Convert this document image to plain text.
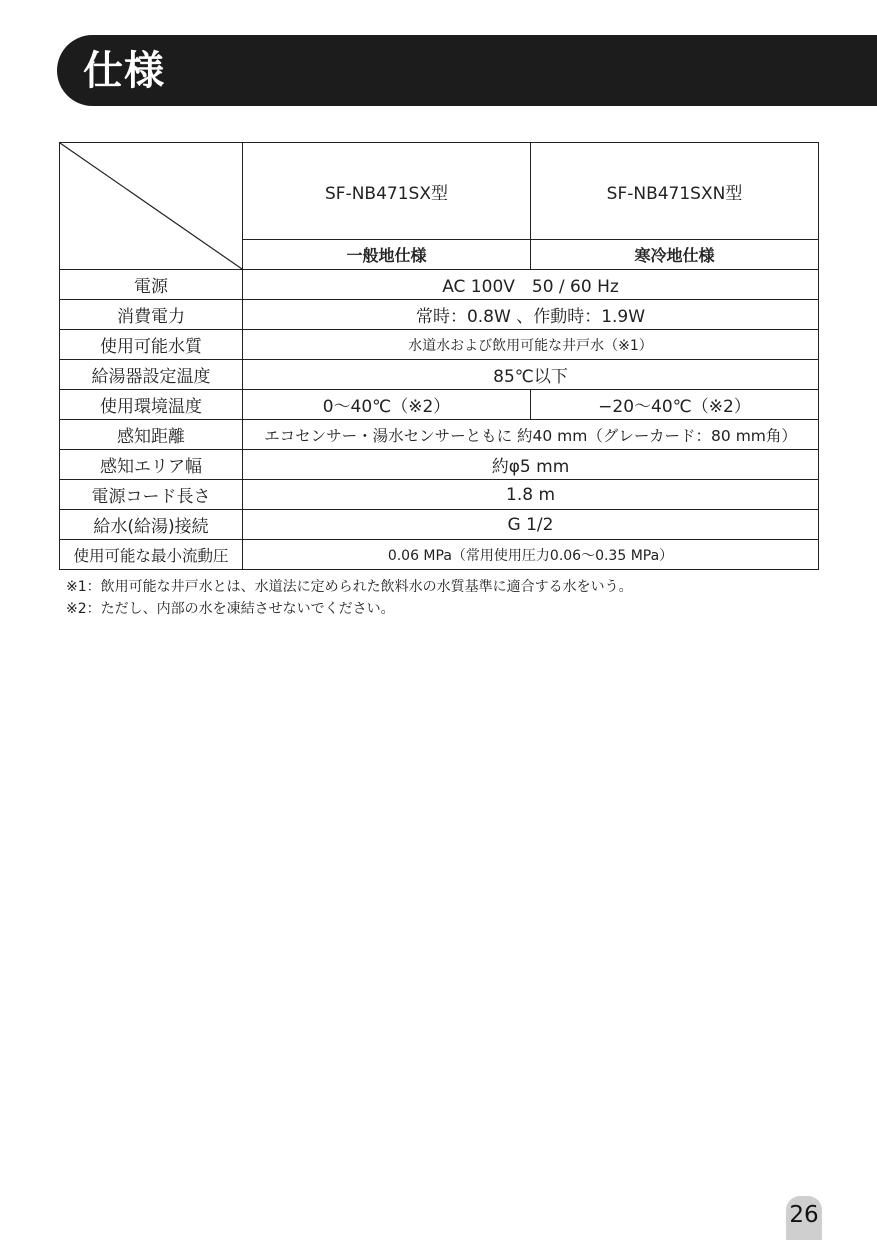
仕様
	SF-NB471SX型	SF-NB471SXN型
	一般地仕様	寒冷地仕様
電源	AC 100V　50 / 60 Hz	
消費電力	常時：0.8W 、作動時：1.9W	
使用可能水質	水道水および飲用可能な井戸水（※1）	
給湯器設定温度	85℃以下	
使用環境温度	0〜40℃（※2）	−20〜40℃（※2）
感知距離	エコセンサー・湯水センサーともに 約40 mm（グレーカード：80 mm角）	
感知エリア幅	約φ5 mm	
電源コード長さ	1.8 m	
給水(給湯)接続	G 1/2	
使用可能な最小流動圧	0.06 MPa（常用使用圧力0.06〜0.35 MPa）	
※1：飲用可能な井戸水とは、水道法に定められた飲料水の水質基準に適合する水をいう。
※2：ただし、内部の水を凍結させないでください。
26
